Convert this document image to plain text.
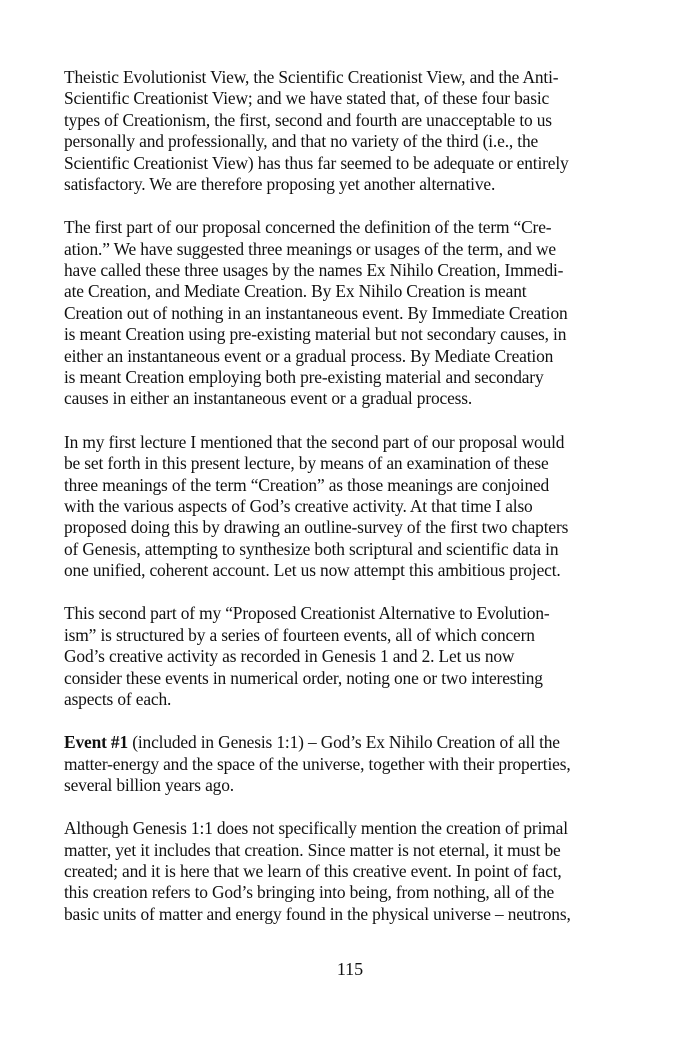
Theistic Evolutionist View, the Scientific Creationist View, and the Anti-
Scientific Creationist View; and we have stated that, of these four basic
types of Creationism, the first, second and fourth are unacceptable to us
personally and professionally, and that no variety of the third (i.e., the
Scientific Creationist View) has thus far seemed to be adequate or entirely
satisfactory. We are therefore proposing yet another alternative.

The first part of our proposal concerned the definition of the term “Cre-
ation.” We have suggested three meanings or usages of the term, and we
have called these three usages by the names Ex Nihilo Creation, Immedi-
ate Creation, and Mediate Creation. By Ex Nihilo Creation is meant
Creation out of nothing in an instantaneous event. By Immediate Creation
is meant Creation using pre-existing material but not secondary causes, in
either an instantaneous event or a gradual process. By Mediate Creation
is meant Creation employing both pre-existing material and secondary
causes in either an instantaneous event or a gradual process.

In my first lecture I mentioned that the second part of our proposal would
be set forth in this present lecture, by means of an examination of these
three meanings of the term “Creation” as those meanings are conjoined
with the various aspects of God’s creative activity. At that time I also
proposed doing this by drawing an outline-survey of the first two chapters
of Genesis, attempting to synthesize both scriptural and scientific data in
one unified, coherent account. Let us now attempt this ambitious project.

This second part of my “Proposed Creationist Alternative to Evolution-
ism” is structured by a series of fourteen events, all of which concern
God’s creative activity as recorded in Genesis 1 and 2. Let us now
consider these events in numerical order, noting one or two interesting
aspects of each.

Event #1 (included in Genesis 1:1) – God’s Ex Nihilo Creation of all the
matter-energy and the space of the universe, together with their properties,
several billion years ago.

Although Genesis 1:1 does not specifically mention the creation of primal
matter, yet it includes that creation. Since matter is not eternal, it must be
created; and it is here that we learn of this creative event. In point of fact,
this creation refers to God’s bringing into being, from nothing, all of the
basic units of matter and energy found in the physical universe – neutrons,

115
